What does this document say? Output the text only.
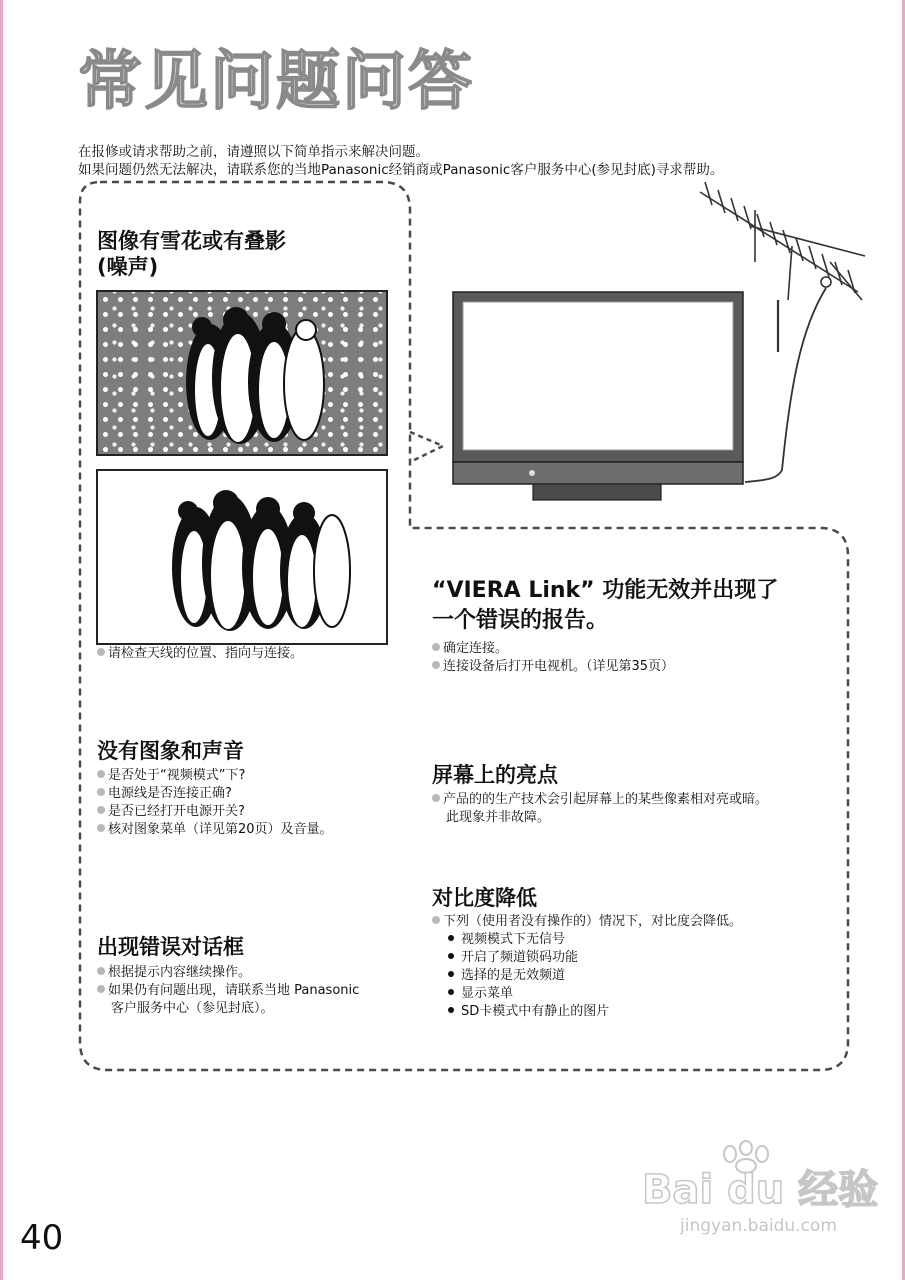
常见问题问答
在报修或请求帮助之前，请遵照以下简单指示来解决问题。
如果问题仍然无法解决，请联系您的当地Panasonic经销商或Panasonic客户服务中心(参见封底)寻求帮助。
图像有雪花或有叠影
(噪声)
请检查天线的位置、指向与连接。
没有图象和声音
是否处于“视频模式”下?
电源线是否连接正确?
是否已经打开电源开关?
核对图象菜单（详见第20页）及音量。
出现错误对话框
根据提示内容继续操作。
如果仍有问题出现，请联系当地 Panasonic
客户服务中心（参见封底）。
“VIERA Link” 功能无效并出现了
一个错误的报告。
确定连接。
连接设备后打开电视机。（详见第35页）
屏幕上的亮点
产品的的生产技术会引起屏幕上的某些像素相对亮或暗。
此现象并非故障。
对比度降低
下列（使用者没有操作的）情况下，对比度会降低。
视频模式下无信号
开启了频道锁码功能
选择的是无效频道
显示菜单
SD卡模式中有静止的图片
Bai du 经验
jingyan.baidu.com
40
